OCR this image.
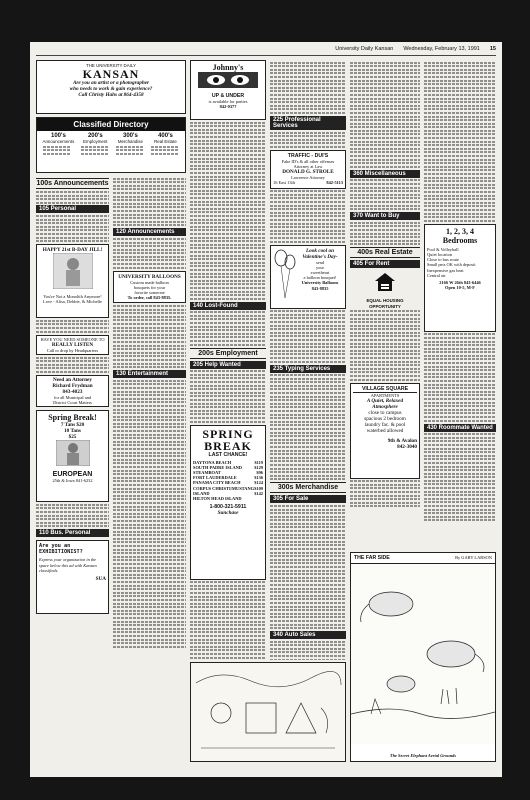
University Daily Kansan Wednesday, February 13, 1991 15
THE UNIVERSITY DAILY
KANSAN
Are you an artist or a photographer
who needs to work & gain experience?
Call Christy Hahs at 864-4358
Classified Directory
100's
Announcements
200's
Employment
300's
Merchandise
400's
Real Estate
100s Announcements
105 Personal
HAPPY 21st B-DAY JILL!
You're Not a Monolith Anymore!
Love - Alisa, Debbie, & Michelle
HAVE YOU NEED SOMEONE TO
REALLY LISTEN
Call or drop by Headquarters
Need an Attorney
Richard Frydman
843-4023
for all Municipal and
District Court Matters
Spring Break!
7 Tans $20
10 Tans
$25
EUROPEAN
25th & Iowa 841-6232
110 Bus. Personal
Are you an
EXHIBITIONIST?
Express your organization in the space below this ad with Kansan classifieds.
SUA
120 Announcements
UNIVERSITY BALLOONS
Custom made balloon
bouquets for your
favorite someone
To order, call 843-8835.
130 Entertainment
Johnny's
UP & UNDER
is available for parties
842-0377
140 Lost-Found
200s Employment
205 Help Wanted
SPRING
BREAK
LAST CHANCE!
DAYTONA BEACH
SOUTH PADRE ISLAND
STEAMBOAT
FORT LAUDERDALE
PANAMA CITY BEACH
CORPUS CHRISTI/MUSTANG ISLAND
HILTON HEAD ISLAND
$119
$129
$96
$136
$124
$109
$142
1-800-321-5911
Sunchase
225 Professional Services
TRAFFIC - DUI'S
Fake ID's & all other offenses
Attorney at Law
DONALD G. STROLE
Lawrence Attorney
16 East 13th	842-5113
Look cool on
Valentine's Day-
send
your
sweetheart
a balloon bouquet!
University Balloons
843-8835
235 Typing Services
300s Merchandise
305 For Sale
340 Auto Sales
360 Miscellaneous
370 Want to Buy
400s Real Estate
405 For Rent
EQUAL HOUSING
OPPORTUNITY
VILLAGE SQUARE
APARTMENTS
A Quiet, Relaxed
Atmosphere
close to campus
spacious 2 bedroom
laundry fac. & pool
waterbed allowed
9th & Avalon
842-3040
1, 2, 3, 4
Bedrooms
Pool & Volleyball
Quiet location
Close to bus route
Small pets OK with deposit
Inexpensive gas heat
Central air
2166 W 26th 843-6446
Open 10-5, M-F
430 Roommate Wanted
THE FAR SIDE	By GARY LARSON
The Secret Elephant Aerial Grounds
